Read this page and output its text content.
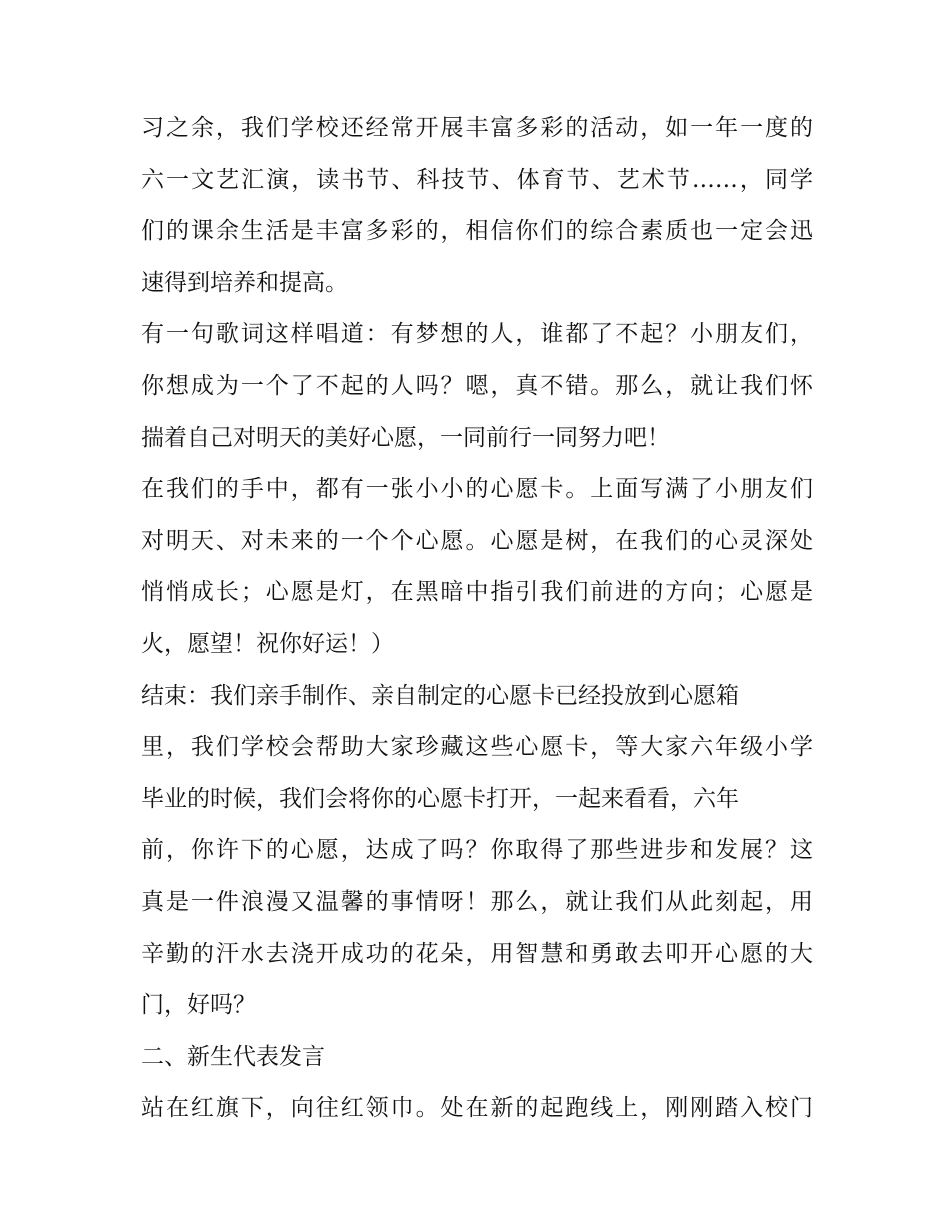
习之余，我们学校还经常开展丰富多彩的活动，如一年一度的
六一文艺汇演，读书节、科技节、体育节、艺术节……，同学
们的课余生活是丰富多彩的，相信你们的综合素质也一定会迅
速得到培养和提高。
有一句歌词这样唱道：有梦想的人，谁都了不起？小朋友们，
你想成为一个了不起的人吗？嗯，真不错。那么，就让我们怀
揣着自己对明天的美好心愿，一同前行一同努力吧！
在我们的手中，都有一张小小的心愿卡。上面写满了小朋友们
对明天、对未来的一个个心愿。心愿是树，在我们的心灵深处
悄悄成长；心愿是灯，在黑暗中指引我们前进的方向；心愿是
火，愿望！祝你好运！）
结束：我们亲手制作、亲自制定的心愿卡已经投放到心愿箱
里，我们学校会帮助大家珍藏这些心愿卡，等大家六年级小学
毕业的时候，我们会将你的心愿卡打开，一起来看看，六年
前，你许下的心愿，达成了吗？你取得了那些进步和发展？这
真是一件浪漫又温馨的事情呀！那么，就让我们从此刻起，用
辛勤的汗水去浇开成功的花朵，用智慧和勇敢去叩开心愿的大
门，好吗？
二、新生代表发言
站在红旗下，向往红领巾。处在新的起跑线上，刚刚踏入校门
